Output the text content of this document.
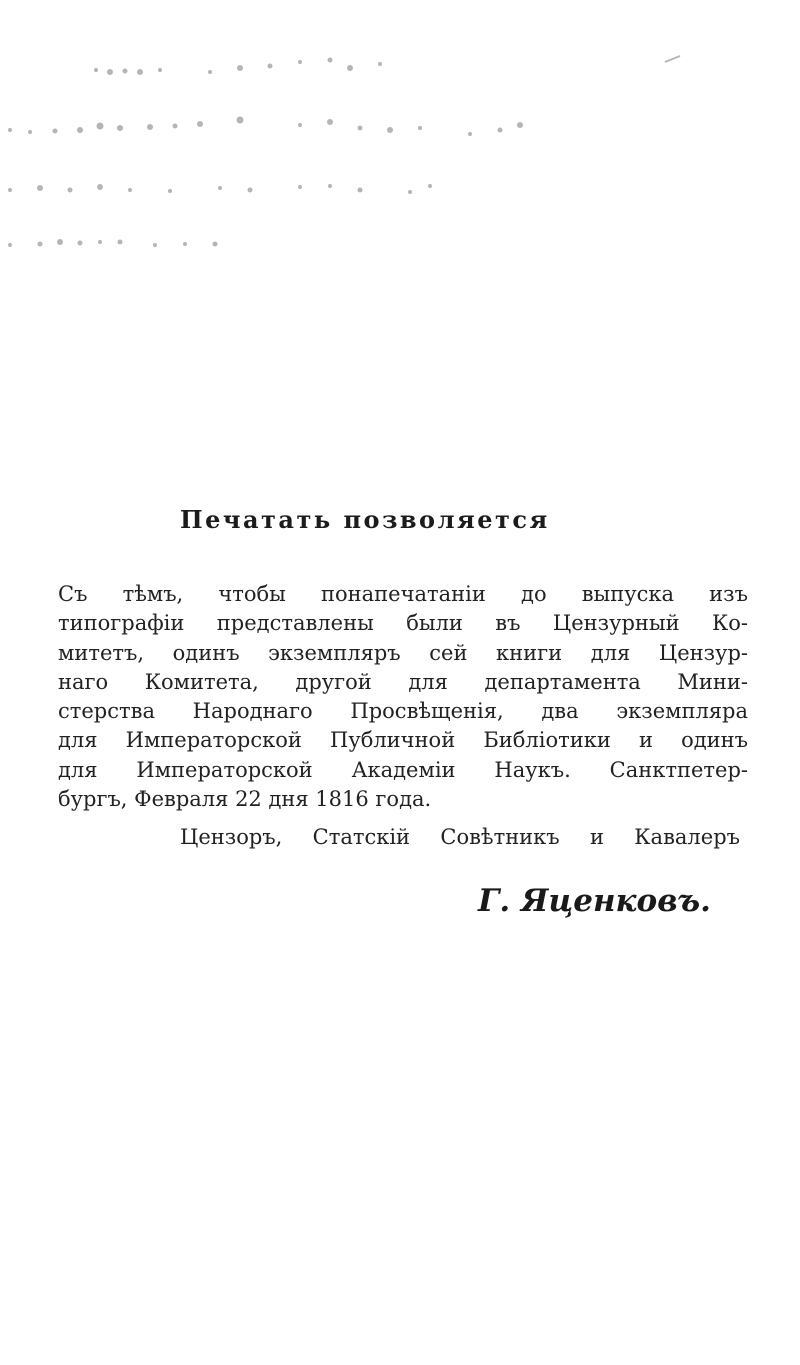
Печатать позволяется
Съ тѣмъ, чтобы понапечатаніи до выпуска изъ
типографіи представлены были въ Цензурный Ко-
митетъ, одинъ экземпляръ сей книги для Цензур-
наго Комитета, другой для департамента Мини-
стерства Народнаго Просвѣщенія, два экземпляра
для Императорской Публичной Библіотики и одинъ
для Императорской Академіи Наукъ. Санктпетер-
бургъ, Февраля 22 дня 1816 года.
Цензоръ, Статскій Совѣтникъ и Кавалеръ
Г. Яценковъ.
